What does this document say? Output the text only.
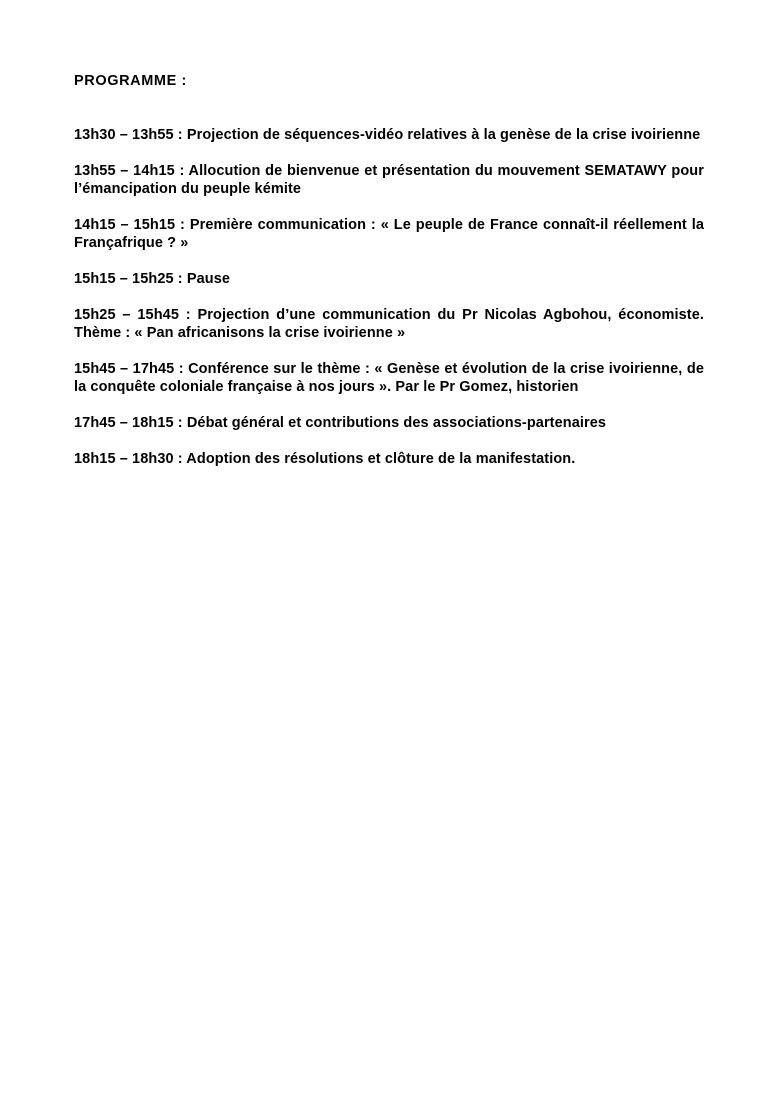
PROGRAMME :

13h30 – 13h55 : Projection de séquences-vidéo relatives à la genèse de la crise ivoirienne

13h55 – 14h15 : Allocution de bienvenue et présentation du mouvement SEMATAWY pour l’émancipation du peuple kémite

14h15 – 15h15 : Première communication : « Le peuple de France connaît-il réellement la Françafrique ? »

15h15 – 15h25 : Pause

15h25 – 15h45 : Projection d’une communication du Pr Nicolas Agbohou, économiste. Thème : « Pan africanisons la crise ivoirienne »

15h45 – 17h45 : Conférence sur le thème : « Genèse et évolution de la crise ivoirienne, de la conquête coloniale française à nos jours ». Par le Pr Gomez, historien

17h45 – 18h15 : Débat général et contributions des associations-partenaires

18h15 – 18h30 : Adoption des résolutions et clôture de la manifestation.
